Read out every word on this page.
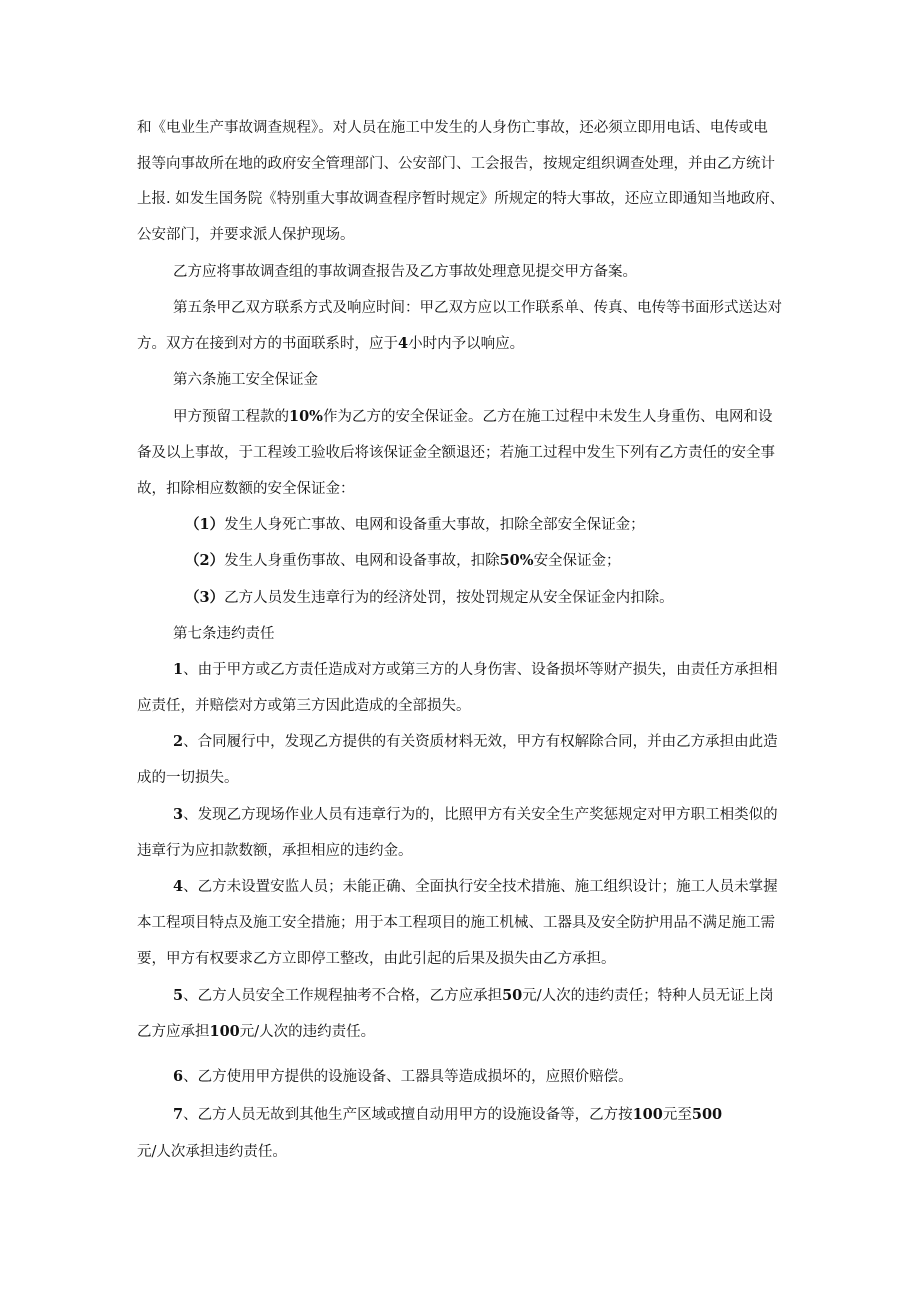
和《电业生产事故调查规程》。对人员在施工中发生的人身伤亡事故，还必须立即用电话、电传或电
报等向事故所在地的政府安全管理部门、公安部门、工会报告，按规定组织调查处理，并由乙方统计
上报. 如发生国务院《特别重大事故调查程序暂时规定》所规定的特大事故，还应立即通知当地政府、
公安部门，并要求派人保护现场。
乙方应将事故调查组的事故调查报告及乙方事故处理意见提交甲方备案。
第五条甲乙双方联系方式及响应时间：甲乙双方应以工作联系单、传真、电传等书面形式送达对
方。双方在接到对方的书面联系时，应于4小时内予以响应。
第六条施工安全保证金
甲方预留工程款的10%作为乙方的安全保证金。乙方在施工过程中未发生人身重伤、电网和设
备及以上事故，于工程竣工验收后将该保证金全额退还；若施工过程中发生下列有乙方责任的安全事
故，扣除相应数额的安全保证金：
（1）发生人身死亡事故、电网和设备重大事故，扣除全部安全保证金；
（2）发生人身重伤事故、电网和设备事故，扣除50%安全保证金；
（3）乙方人员发生违章行为的经济处罚，按处罚规定从安全保证金内扣除。
第七条违约责任
1、由于甲方或乙方责任造成对方或第三方的人身伤害、设备损坏等财产损失，由责任方承担相
应责任，并赔偿对方或第三方因此造成的全部损失。
2、合同履行中，发现乙方提供的有关资质材料无效，甲方有权解除合同，并由乙方承担由此造
成的一切损失。
3、发现乙方现场作业人员有违章行为的，比照甲方有关安全生产奖惩规定对甲方职工相类似的
违章行为应扣款数额，承担相应的违约金。
4、乙方未设置安监人员；未能正确、全面执行安全技术措施、施工组织设计；施工人员未掌握
本工程项目特点及施工安全措施；用于本工程项目的施工机械、工器具及安全防护用品不满足施工需
要，甲方有权要求乙方立即停工整改，由此引起的后果及损失由乙方承担。
5、乙方人员安全工作规程抽考不合格，乙方应承担50元/人次的违约责任；特种人员无证上岗
乙方应承担100元/人次的违约责任。
6、乙方使用甲方提供的设施设备、工器具等造成损坏的，应照价赔偿。
7、乙方人员无故到其他生产区域或擅自动用甲方的设施设备等，乙方按100元至500
元/人次承担违约责任。
